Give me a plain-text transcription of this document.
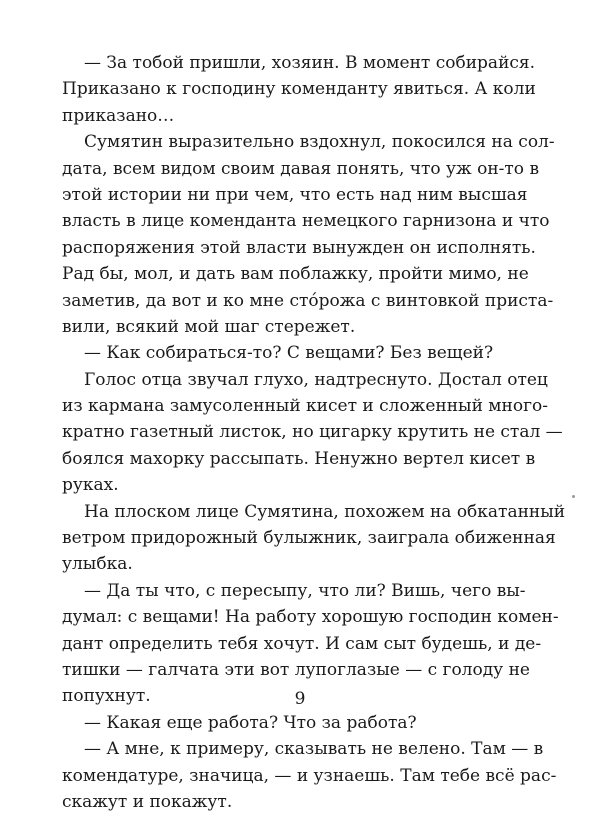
— За тобой пришли, хозяин. В момент собирайся.
Приказано к господину коменданту явиться. А коли
приказано…

Сумятин выразительно вздохнул, покосился на сол-
дата, всем видом своим давая понять, что уж он-то в
этой истории ни при чем, что есть над ним высшая
власть в лице коменданта немецкого гарнизона и что
распоряжения этой власти вынужден он исполнять.
Рад бы, мол, и дать вам поблажку, пройти мимо, не
заметив, да вот и ко мне стóрожа с винтовкой приста-
вили, всякий мой шаг стережет.

— Как собираться-то? С вещами? Без вещей?

Голос отца звучал глухо, надтреснуто. Достал отец
из кармана замусоленный кисет и сложенный много-
кратно газетный листок, но цигарку крутить не стал —
боялся махорку рассыпать. Ненужно вертел кисет в
руках.

На плоском лице Сумятина, похожем на обкатанный
ветром придорожный булыжник, заиграла обиженная
улыбка.

— Да ты что, с пересыпу, что ли? Вишь, чего вы-
думал: с вещами! На работу хорошую господин комен-
дант определить тебя хочут. И сам сыт будешь, и де-
тишки — галчата эти вот лупоглазые — с голоду не
попухнут.

— Какая еще работа? Что за работа?

— А мне, к примеру, сказывать не велено. Там — в
комендатуре, значица, — и узнаешь. Там тебе всё рас-
скажут и покажут.

9
